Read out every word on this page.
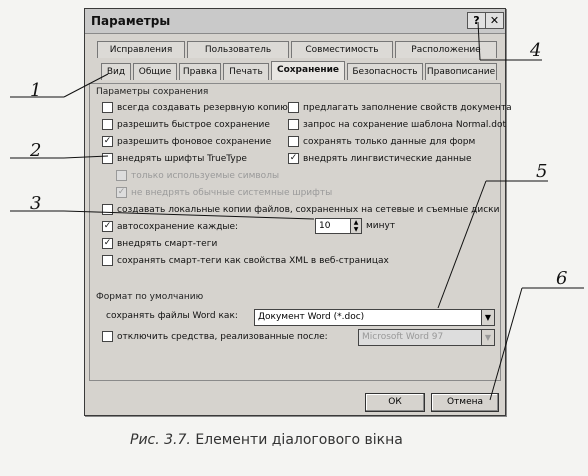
Параметры	? ✕
Исправления	Пользователь	Совместимость	Расположение
Вид	Общие	Правка	Печать	Сохранение	Безопасность	Правописание
Параметры сохранения
всегда создавать резервную копию
разрешить быстрое сохранение
✓ разрешить фоновое сохранение
внедрять шрифты TrueType
только используемые символы
✓ не внедрять обычные системные шрифты
предлагать заполнение свойств документа
запрос на сохранение шаблона Normal.dot
сохранять только данные для форм
✓ внедрять лингвистические данные
создавать локальные копии файлов, сохраненных на сетевые и съемные диски
✓ автосохранение каждые:	10	▲
▼ минут
✓ внедрять смарт-теги
сохранять смарт-теги как свойства XML в веб-страницах
Формат по умолчанию
сохранять файлы Word как:	Документ Word (*.doc)	▼
отключить средства, реализованные после:	Microsoft Word 97	▼
ОК	Отмена
1
2
3
4
5
6
Рис. 3.7. Елементи діалогового вікна
